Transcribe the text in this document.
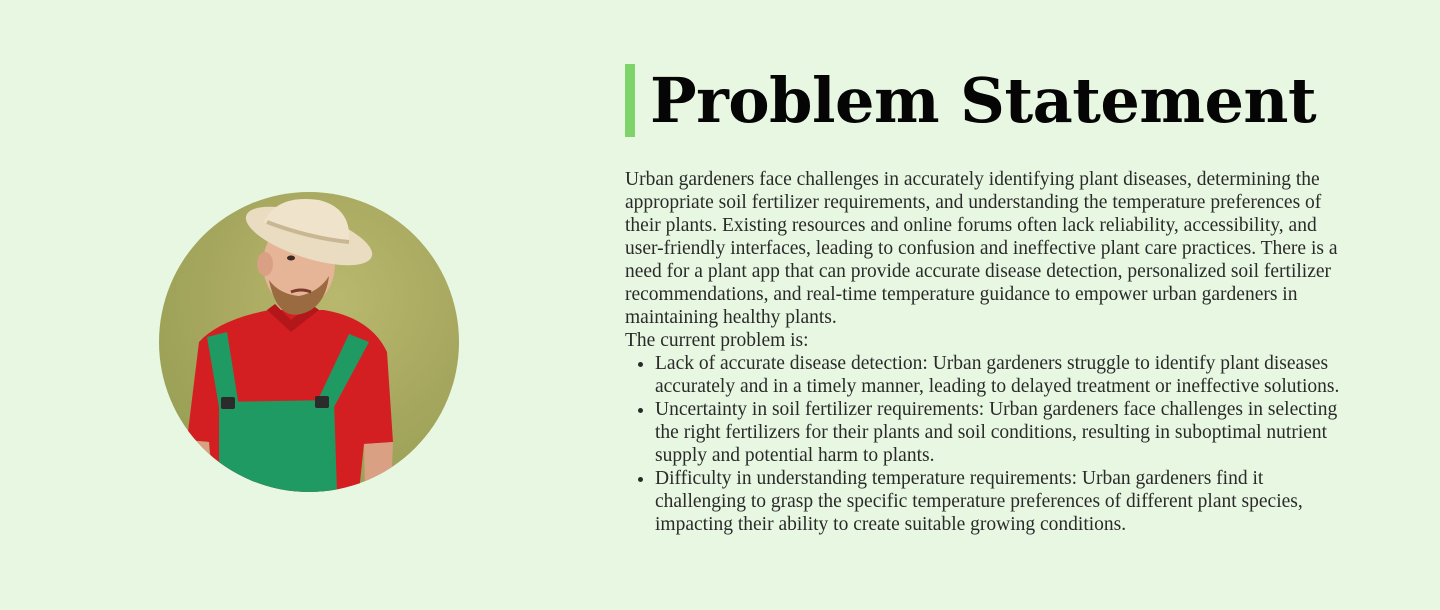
Problem Statement

Urban gardeners face challenges in accurately identifying plant diseases, determining the appropriate soil fertilizer requirements, and understanding the temperature preferences of their plants. Existing resources and online forums often lack reliability, accessibility, and user-friendly interfaces, leading to confusion and ineffective plant care practices. There is a need for a plant app that can provide accurate disease detection, personalized soil fertilizer recommendations, and real-time temperature guidance to empower urban gardeners in maintaining healthy plants.

The current problem is:

• Lack of accurate disease detection: Urban gardeners struggle to identify plant diseases accurately and in a timely manner, leading to delayed treatment or ineffective solutions.
• Uncertainty in soil fertilizer requirements: Urban gardeners face challenges in selecting the right fertilizers for their plants and soil conditions, resulting in suboptimal nutrient supply and potential harm to plants.
• Difficulty in understanding temperature requirements: Urban gardeners find it challenging to grasp the specific temperature preferences of different plant species, impacting their ability to create suitable growing conditions.
